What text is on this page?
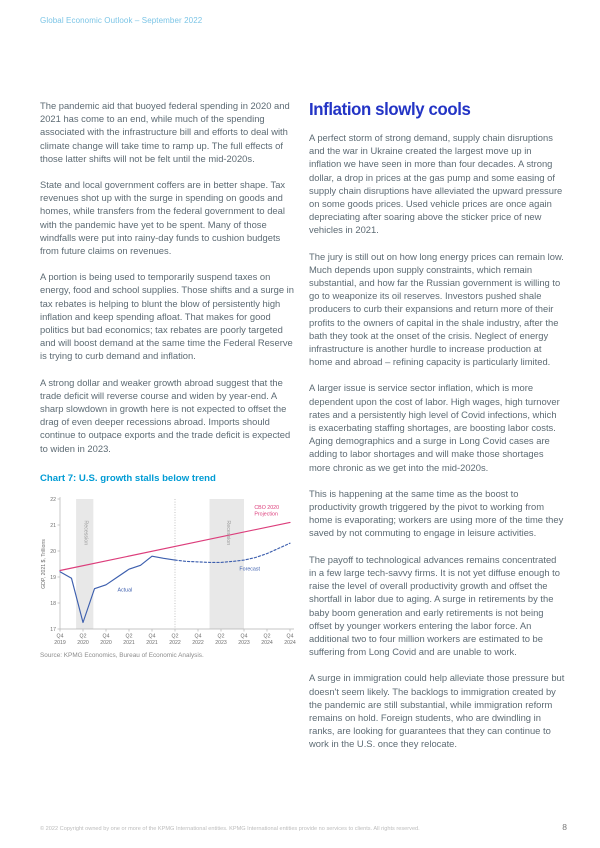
Global Economic Outlook – September 2022

The pandemic aid that buoyed federal spending in 2020 and 2021 has come to an end, while much of the spending associated with the infrastructure bill and efforts to deal with climate change will take time to ramp up. The full effects of those latter shifts will not be felt until the mid-2020s.

State and local government coffers are in better shape. Tax revenues shot up with the surge in spending on goods and homes, while transfers from the federal government to deal with the pandemic have yet to be spent. Many of those windfalls were put into rainy-day funds to cushion budgets from future claims on revenues.

A portion is being used to temporarily suspend taxes on energy, food and school supplies. Those shifts and a surge in tax rebates is helping to blunt the blow of persistently high inflation and keep spending afloat. That makes for good politics but bad economics; tax rebates are poorly targeted and will boost demand at the same time the Federal Reserve is trying to curb demand and inflation.

A strong dollar and weaker growth abroad suggest that the trade deficit will reverse course and widen by year-end. A sharp slowdown in growth here is not expected to offset the drag of even deeper recessions abroad. Imports should continue to outpace exports and the trade deficit is expected to widen in 2023.

Chart 7: U.S. growth stalls below trend
17
18
19
20
21
22
Q4
2019
Q2
2020
Q4
2020
Q2
2021
Q4
2021
Q2
2022
Q4
2022
Q2
2023
Q4
2023
Q2
2024
Q4
2024
GDP, 2021 $, Trillions
Recession	Recession
Actual
Forecast
CBO 2020 Projection
Source: KPMG Economics, Bureau of Economic Analysis.
Inflation slowly cools

A perfect storm of strong demand, supply chain disruptions and the war in Ukraine created the largest move up in inflation we have seen in more than four decades. A strong dollar, a drop in prices at the gas pump and some easing of supply chain disruptions have alleviated the upward pressure on some goods prices. Used vehicle prices are once again depreciating after soaring above the sticker price of new vehicles in 2021.

The jury is still out on how long energy prices can remain low. Much depends upon supply constraints, which remain substantial, and how far the Russian government is willing to go to weaponize its oil reserves. Investors pushed shale producers to curb their expansions and return more of their profits to the owners of capital in the shale industry, after the bath they took at the onset of the crisis. Neglect of energy infrastructure is another hurdle to increase production at home and abroad – refining capacity is particularly limited.

A larger issue is service sector inflation, which is more dependent upon the cost of labor. High wages, high turnover rates and a persistently high level of Covid infections, which is exacerbating staffing shortages, are boosting labor costs. Aging demographics and a surge in Long Covid cases are adding to labor shortages and will make those shortages more chronic as we get into the mid-2020s.

This is happening at the same time as the boost to productivity growth triggered by the pivot to working from home is evaporating; workers are using more of the time they saved by not commuting to engage in leisure activities.

The payoff to technological advances remains concentrated in a few large tech-savvy firms. It is not yet diffuse enough to raise the level of overall productivity growth and offset the shortfall in labor due to aging. A surge in retirements by the baby boom generation and early retirements is not being offset by younger workers entering the labor force. An additional two to four million workers are estimated to be suffering from Long Covid and are unable to work.

A surge in immigration could help alleviate those pressure but doesn't seem likely. The backlogs to immigration created by the pandemic are still substantial, while immigration reform remains on hold. Foreign students, who are dwindling in ranks, are looking for guarantees that they can continue to work in the U.S. once they relocate.

© 2022 Copyright owned by one or more of the KPMG International entities. KPMG International entities provide no services to clients. All rights reserved.	8
